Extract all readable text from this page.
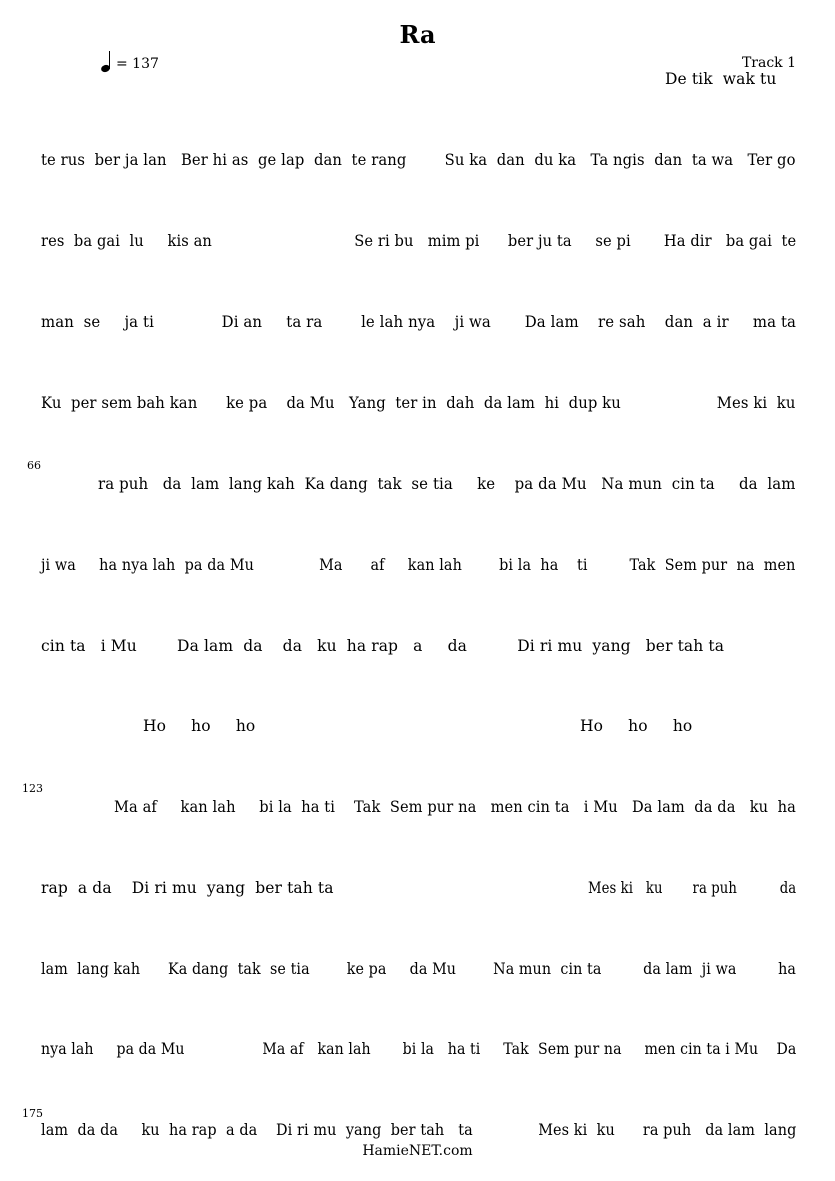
Ra
= 137	Track 1
De tik  wak tu
te rus  ber ja lan   Ber hi as  ge lap  dan  te rang        Su ka  dan  du ka   Ta ngis  dan  ta wa   Ter go
res  ba gai  lu     kis an                              Se ri bu   mim pi      ber ju ta     se pi       Ha dir   ba gai  te
man  se     ja ti              Di an     ta ra        le lah nya    ji wa       Da lam    re sah    dan  a ir     ma ta
Ku  per sem bah kan      ke pa    da Mu   Yang  ter in  dah  da lam  hi  dup ku                    Mes ki  ku
66
ra puh   da  lam  lang kah  Ka dang  tak  se tia     ke    pa da Mu   Na mun  cin ta     da  lam
ji wa     ha nya lah  pa da Mu              Ma      af     kan lah        bi la  ha    ti         Tak  Sem pur  na  men
cin ta   i Mu        Da lam  da    da   ku  ha rap   a     da          Di ri mu  yang   ber tah ta
Ho     ho     ho	Ho     ho     ho
123
Ma af     kan lah     bi la  ha ti    Tak  Sem pur na   men cin ta   i Mu   Da lam  da da   ku  ha
rap  a da    Di ri mu  yang  ber tah ta	Mes ki   ku       ra puh          da
lam  lang kah      Ka dang  tak  se tia        ke pa     da Mu        Na mun  cin ta         da lam  ji wa         ha
nya lah     pa da Mu                 Ma af   kan lah       bi la   ha ti     Tak  Sem pur na     men cin ta i Mu    Da
175
lam  da da     ku  ha rap  a da    Di ri mu  yang  ber tah   ta              Mes ki  ku      ra puh   da lam  lang
HamieNET.com
